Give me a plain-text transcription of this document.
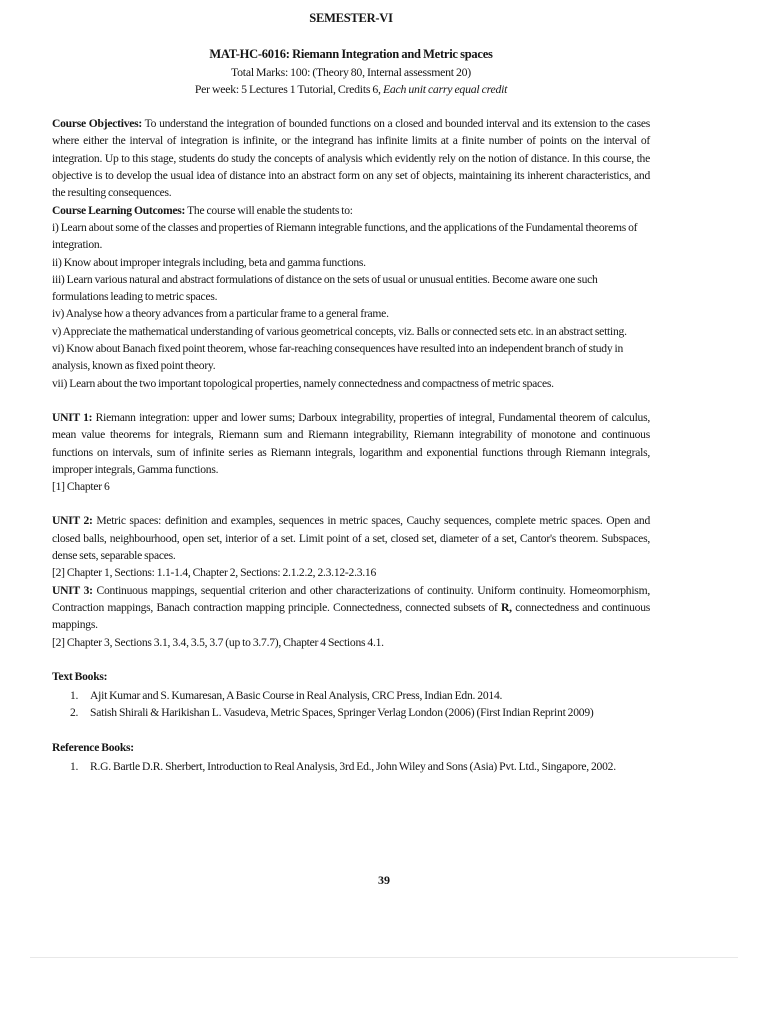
SEMESTER-VI
MAT-HC-6016: Riemann Integration and Metric spaces
Total Marks: 100: (Theory 80, Internal assessment 20)
Per week: 5 Lectures 1 Tutorial, Credits 6, Each unit carry equal credit

Course Objectives: To understand the integration of bounded functions on a closed and bounded interval and its extension to the cases where either the interval of integration is infinite, or the integrand has infinite limits at a finite number of points on the interval of integration. Up to this stage, students do study the concepts of analysis which evidently rely on the notion of distance. In this course, the objective is to develop the usual idea of distance into an abstract form on any set of objects, maintaining its inherent characteristics, and the resulting consequences.

Course Learning Outcomes: The course will enable the students to:

i) Learn about some of the classes and properties of Riemann integrable functions, and the applications of the Fundamental theorems of integration.

ii) Know about improper integrals including, beta and gamma functions.

iii) Learn various natural and abstract formulations of distance on the sets of usual or unusual entities. Become aware one such formulations leading to metric spaces.

iv) Analyse how a theory advances from a particular frame to a general frame.

v) Appreciate the mathematical understanding of various geometrical concepts, viz. Balls or connected sets etc. in an abstract setting.

vi) Know about Banach fixed point theorem, whose far-reaching consequences have resulted into an independent branch of study in analysis, known as fixed point theory.

vii) Learn about the two important topological properties, namely connectedness and compactness of metric spaces.

UNIT 1: Riemann integration: upper and lower sums; Darboux integrability, properties of integral, Fundamental theorem of calculus, mean value theorems for integrals, Riemann sum and Riemann integrability, Riemann integrability of monotone and continuous functions on intervals, sum of infinite series as Riemann integrals, logarithm and exponential functions through Riemann integrals, improper integrals, Gamma functions.

[1] Chapter 6

UNIT 2: Metric spaces: definition and examples, sequences in metric spaces, Cauchy sequences, complete metric spaces. Open and closed balls, neighbourhood, open set, interior of a set. Limit point of a set, closed set, diameter of a set, Cantor's theorem. Subspaces, dense sets, separable spaces.

[2] Chapter 1, Sections: 1.1-1.4, Chapter 2, Sections: 2.1.2.2, 2.3.12-2.3.16

UNIT 3: Continuous mappings, sequential criterion and other characterizations of continuity. Uniform continuity. Homeomorphism, Contraction mappings, Banach contraction mapping principle. Connectedness, connected subsets of R, connectedness and continuous mappings.

[2] Chapter 3, Sections 3.1, 3.4, 3.5, 3.7 (up to 3.7.7), Chapter 4 Sections 4.1.

Text Books:
1. Ajit Kumar and S. Kumaresan, A Basic Course in Real Analysis, CRC Press, Indian Edn. 2014.
2. Satish Shirali & Harikishan L. Vasudeva, Metric Spaces, Springer Verlag London (2006) (First Indian Reprint 2009)
Reference Books:
1. R.G. Bartle D.R. Sherbert, Introduction to Real Analysis, 3rd Ed., John Wiley and Sons (Asia) Pvt. Ltd., Singapore, 2002.
39
